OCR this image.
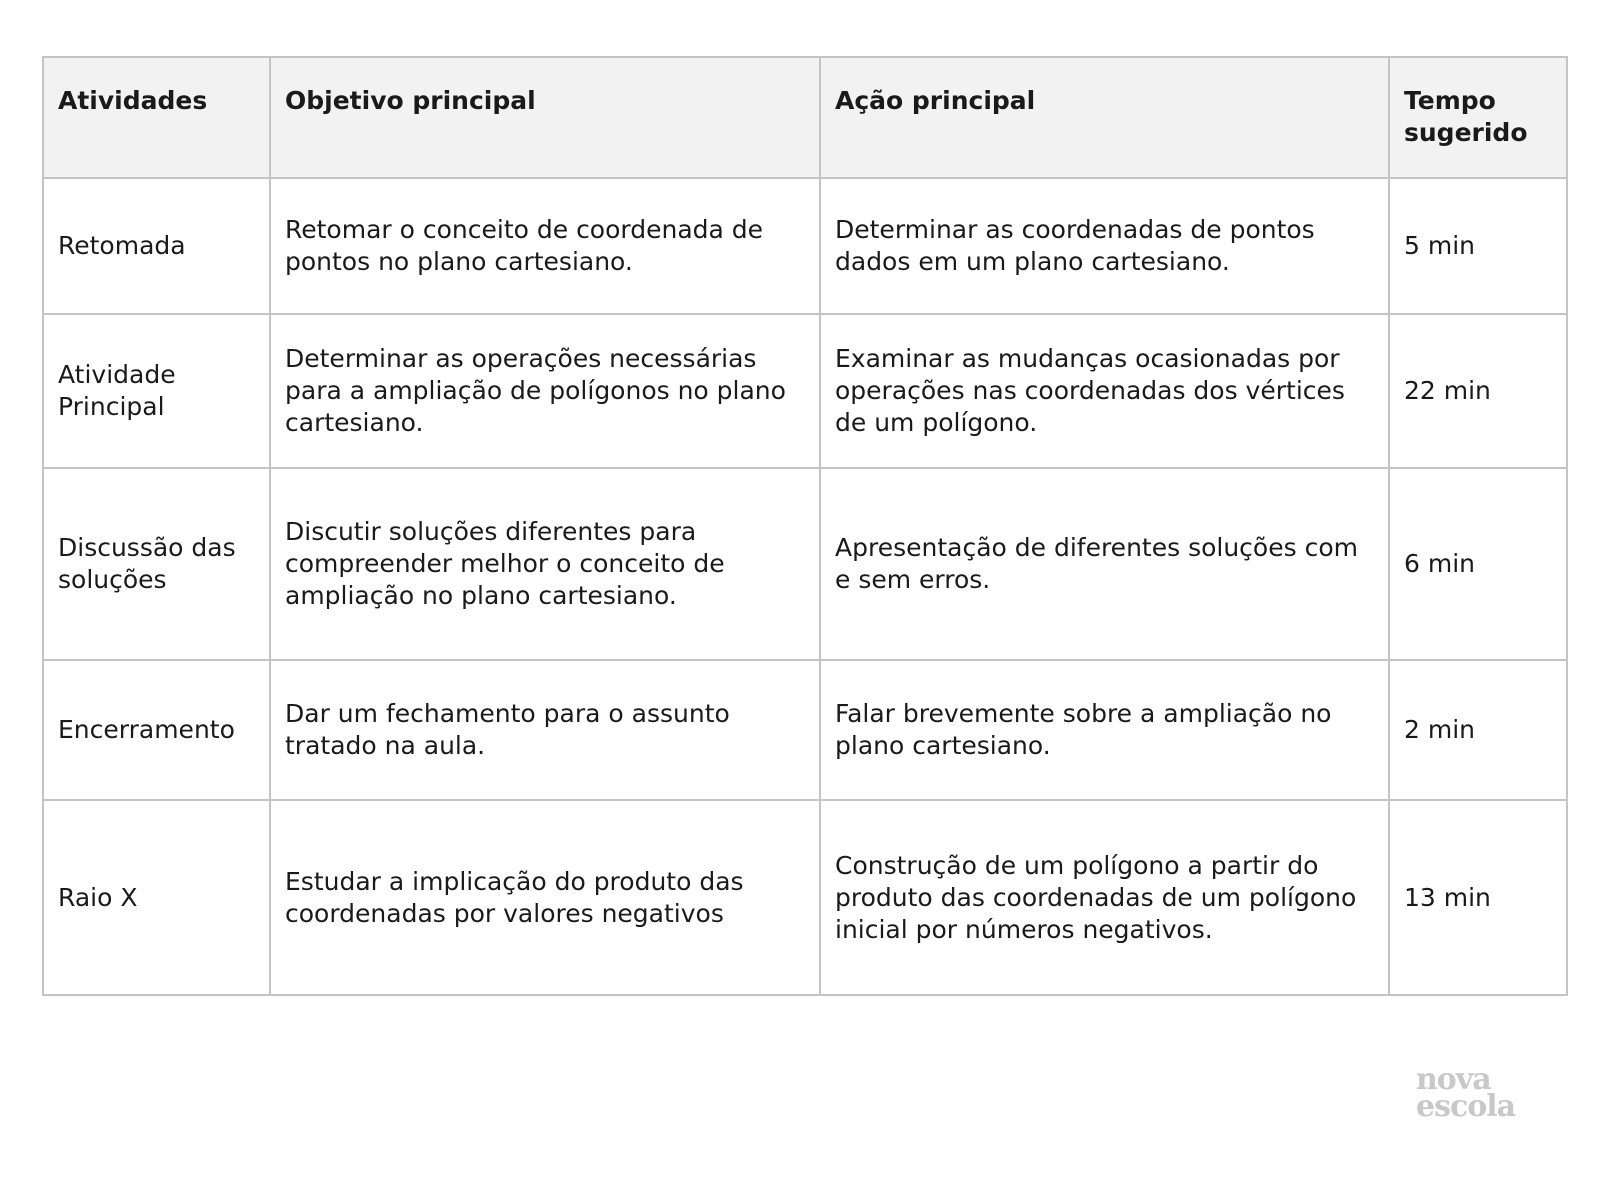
Atividades	Objetivo principal	Ação principal	Tempo sugerido
Retomada	Retomar o conceito de coordenada de pontos no plano cartesiano.	Determinar as coordenadas de pontos dados em um plano cartesiano.	5 min
Atividade Principal	Determinar as operações necessárias para a ampliação de polígonos no plano cartesiano.	Examinar as mudanças ocasionadas por operações nas coordenadas dos vértices de um polígono.	22 min
Discussão das soluções	Discutir soluções diferentes para compreender melhor o conceito de ampliação no plano cartesiano.	Apresentação de diferentes soluções com e sem erros.	6 min
Encerramento	Dar um fechamento para o assunto tratado na aula.	Falar brevemente sobre a ampliação no plano cartesiano.	2 min
Raio X	Estudar a implicação do produto das coordenadas por valores negativos	Construção de um polígono a partir do produto das coordenadas de um polígono inicial por números negativos.	13 min
nova
escola
